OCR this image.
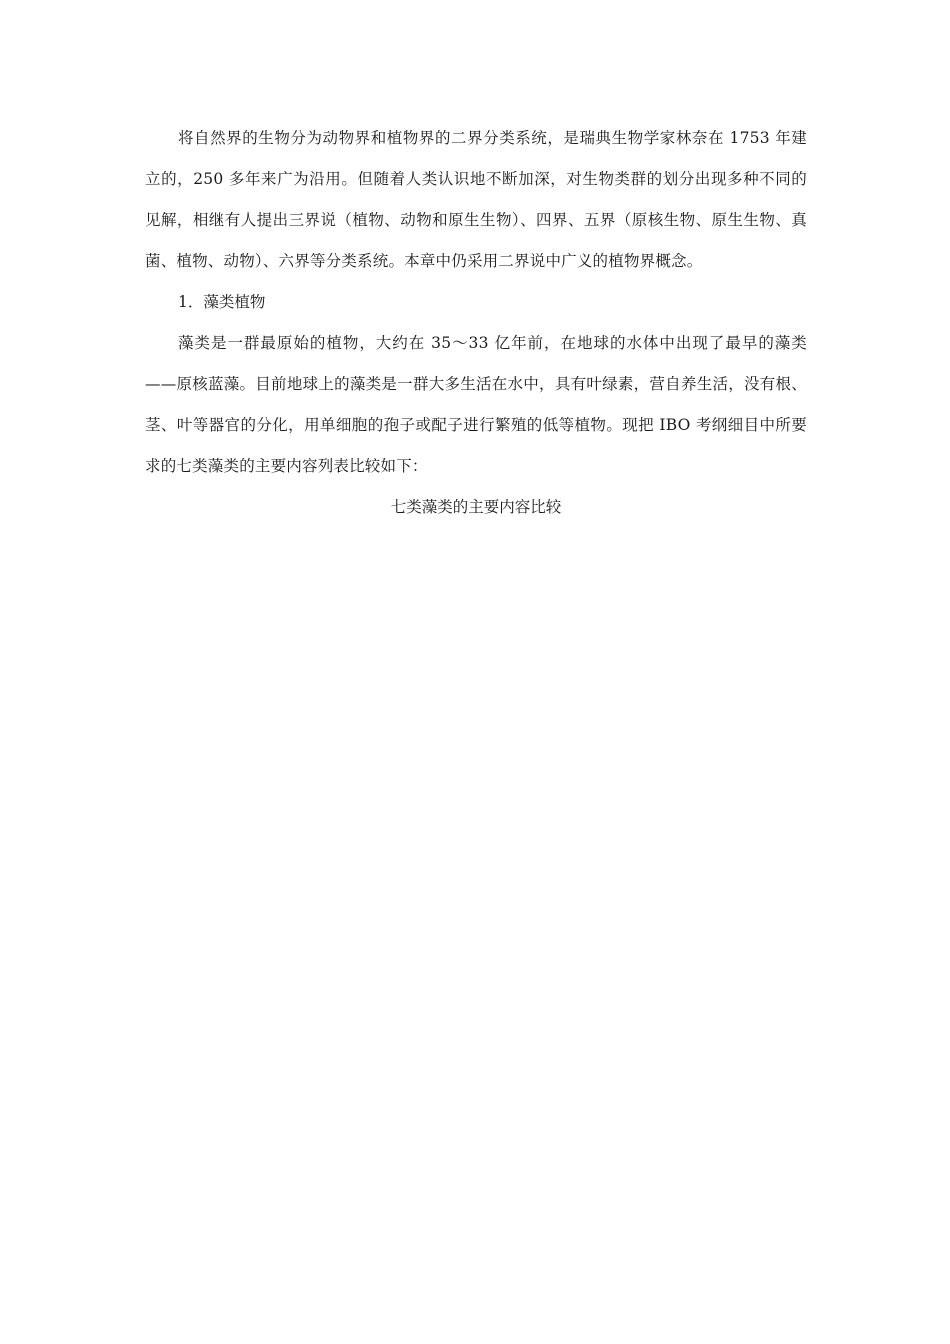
将自然界的生物分为动物界和植物界的二界分类系统，是瑞典生物学家林奈在 1753 年建立的，250 多年来广为沿用。但随着人类认识地不断加深，对生物类群的划分出现多种不同的见解，相继有人提出三界说（植物、动物和原生生物）、四界、五界（原核生物、原生生物、真菌、植物、动物）、六界等分类系统。本章中仍采用二界说中广义的植物界概念。

1．藻类植物

藻类是一群最原始的植物，大约在 35～33 亿年前，在地球的水体中出现了最早的藻类——原核蓝藻。目前地球上的藻类是一群大多生活在水中，具有叶绿素，营自养生活，没有根、茎、叶等器官的分化，用单细胞的孢子或配子进行繁殖的低等植物。现把 IBO 考纲细目中所要求的七类藻类的主要内容列表比较如下：

七类藻类的主要内容比较
